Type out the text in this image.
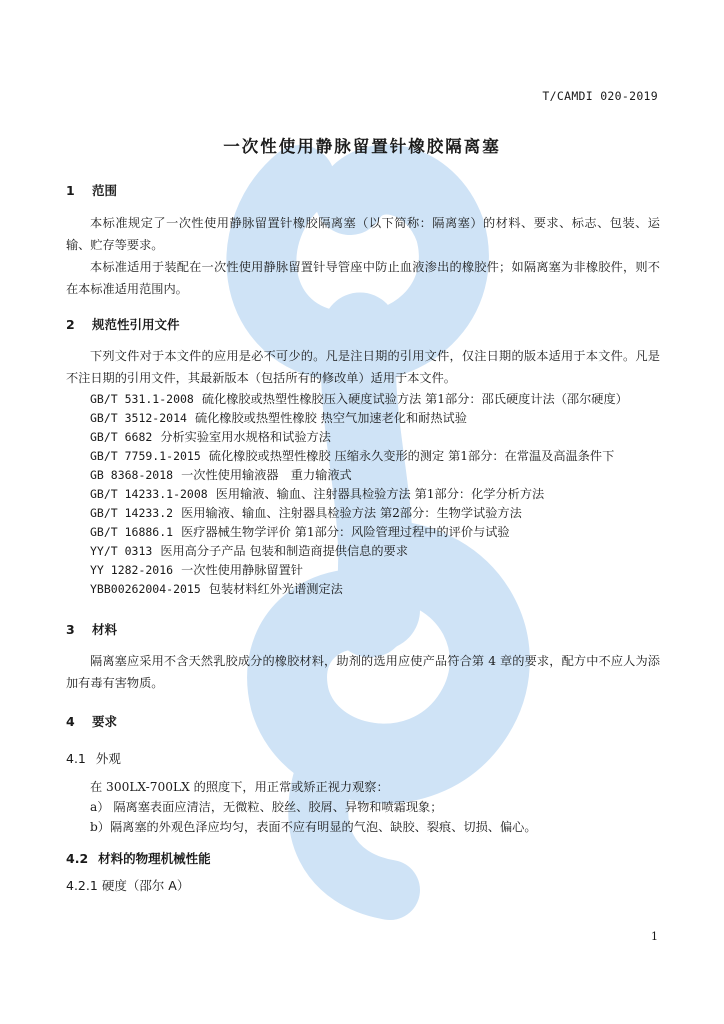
T/CAMDI 020-2019
一次性使用静脉留置针橡胶隔离塞
1 范围
本标准规定了一次性使用静脉留置针橡胶隔离塞（以下简称：隔离塞）的材料、要求、标志、包装、运输、贮存等要求。
本标准适用于装配在一次性使用静脉留置针导管座中防止血液渗出的橡胶件；如隔离塞为非橡胶件，则不在本标准适用范围内。
2 规范性引用文件
下列文件对于本文件的应用是必不可少的。凡是注日期的引用文件，仅注日期的版本适用于本文件。凡是不注日期的引用文件，其最新版本（包括所有的修改单）适用于本文件。
GB/T 531.1-2008 硫化橡胶或热塑性橡胶压入硬度试验方法 第1部分：邵氏硬度计法（邵尔硬度）
GB/T 3512-2014 硫化橡胶或热塑性橡胶 热空气加速老化和耐热试验
GB/T 6682 分析实验室用水规格和试验方法
GB/T 7759.1-2015 硫化橡胶或热塑性橡胶 压缩永久变形的测定 第1部分：在常温及高温条件下
GB 8368-2018 一次性使用输液器　重力输液式
GB/T 14233.1-2008 医用输液、输血、注射器具检验方法 第1部分：化学分析方法
GB/T 14233.2 医用输液、输血、注射器具检验方法 第2部分：生物学试验方法
GB/T 16886.1 医疗器械生物学评价 第1部分：风险管理过程中的评价与试验
YY/T 0313 医用高分子产品 包装和制造商提供信息的要求
YY 1282-2016 一次性使用静脉留置针
YBB00262004-2015 包装材料红外光谱测定法
3 材料
隔离塞应采用不含天然乳胶成分的橡胶材料，助剂的选用应使产品符合第 4 章的要求，配方中不应人为添加有毒有害物质。
4 要求
4.1 外观
在 300LX-700LX 的照度下，用正常或矫正视力观察：
a） 隔离塞表面应清洁，无微粒、胶丝、胶屑、异物和喷霜现象；
b）隔离塞的外观色泽应均匀，表面不应有明显的气泡、缺胶、裂痕、切损、偏心。
4.2 材料的物理机械性能
4.2.1 硬度（邵尔 A）
1
